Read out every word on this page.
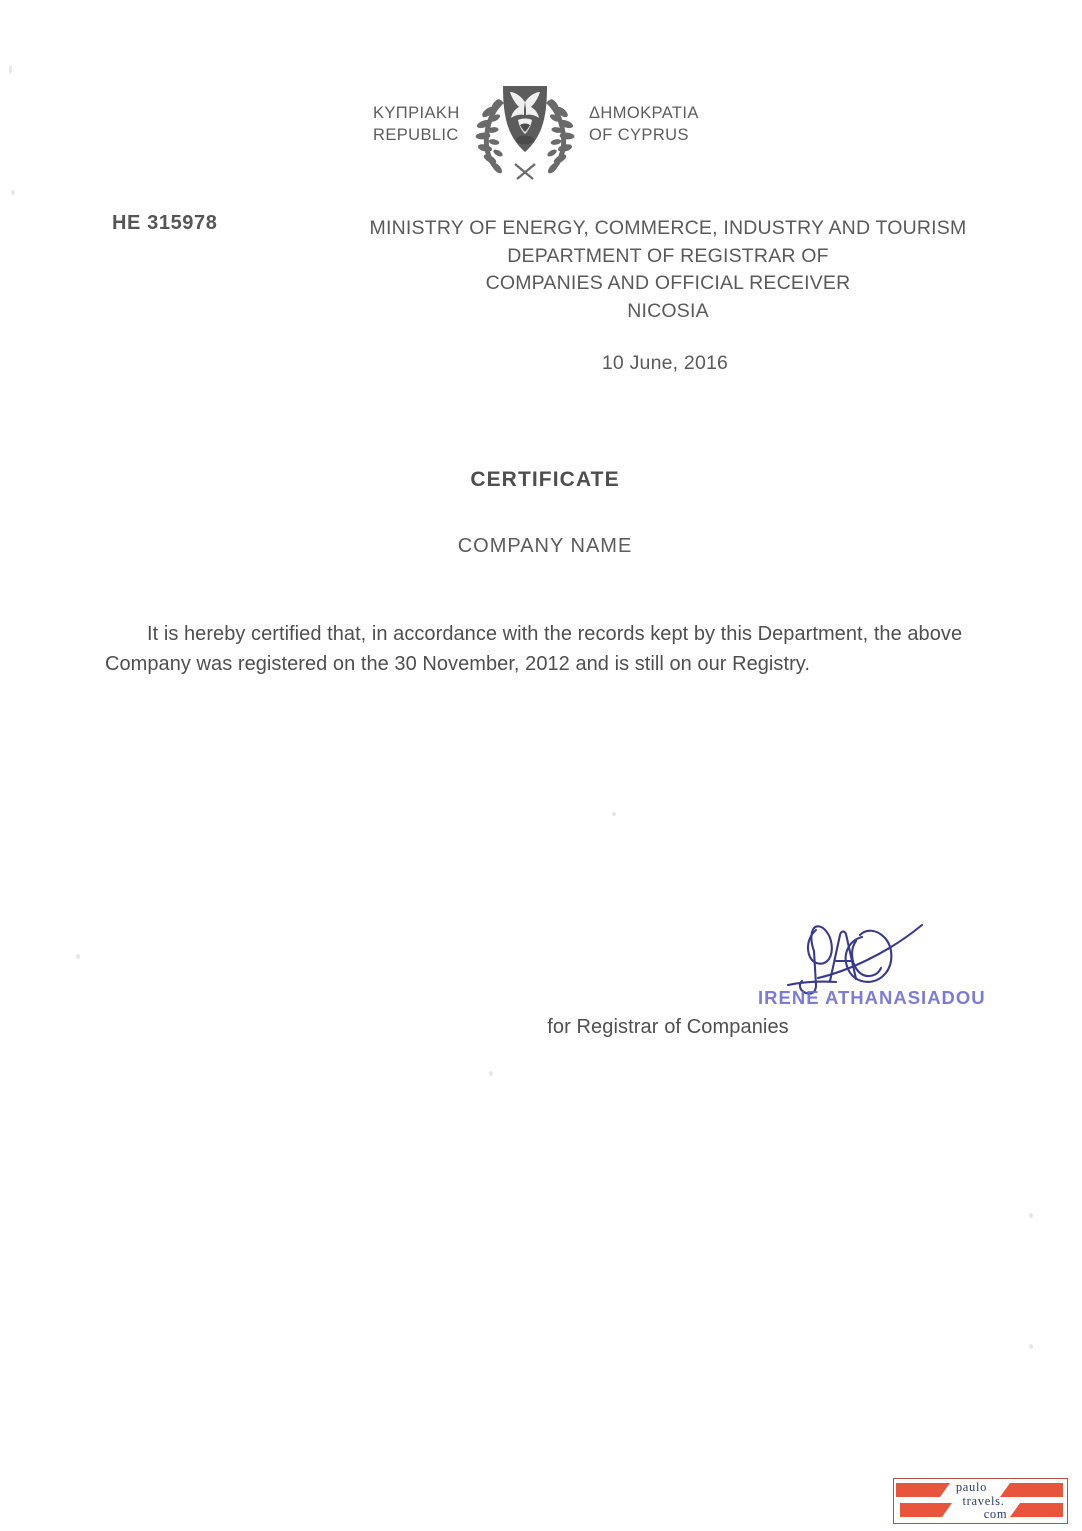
ΚΥΠΡΙΑΚΗ
REPUBLIC
ΔΗΜΟΚΡΑΤΙΑ
OF CYPRUS
HE 315978	MINISTRY OF ENERGY, COMMERCE, INDUSTRY AND TOURISM
DEPARTMENT OF REGISTRAR OF
COMPANIES AND OFFICIAL RECEIVER
NICOSIA
10 June, 2016
CERTIFICATE
COMPANY NAME
It is hereby certified that, in accordance with the records kept by this Department, the above Company was registered on the 30 November, 2012 and is still on our Registry.
IRENE ATHANASIADOU
for Registrar of Companies
paulo
travels.
com
